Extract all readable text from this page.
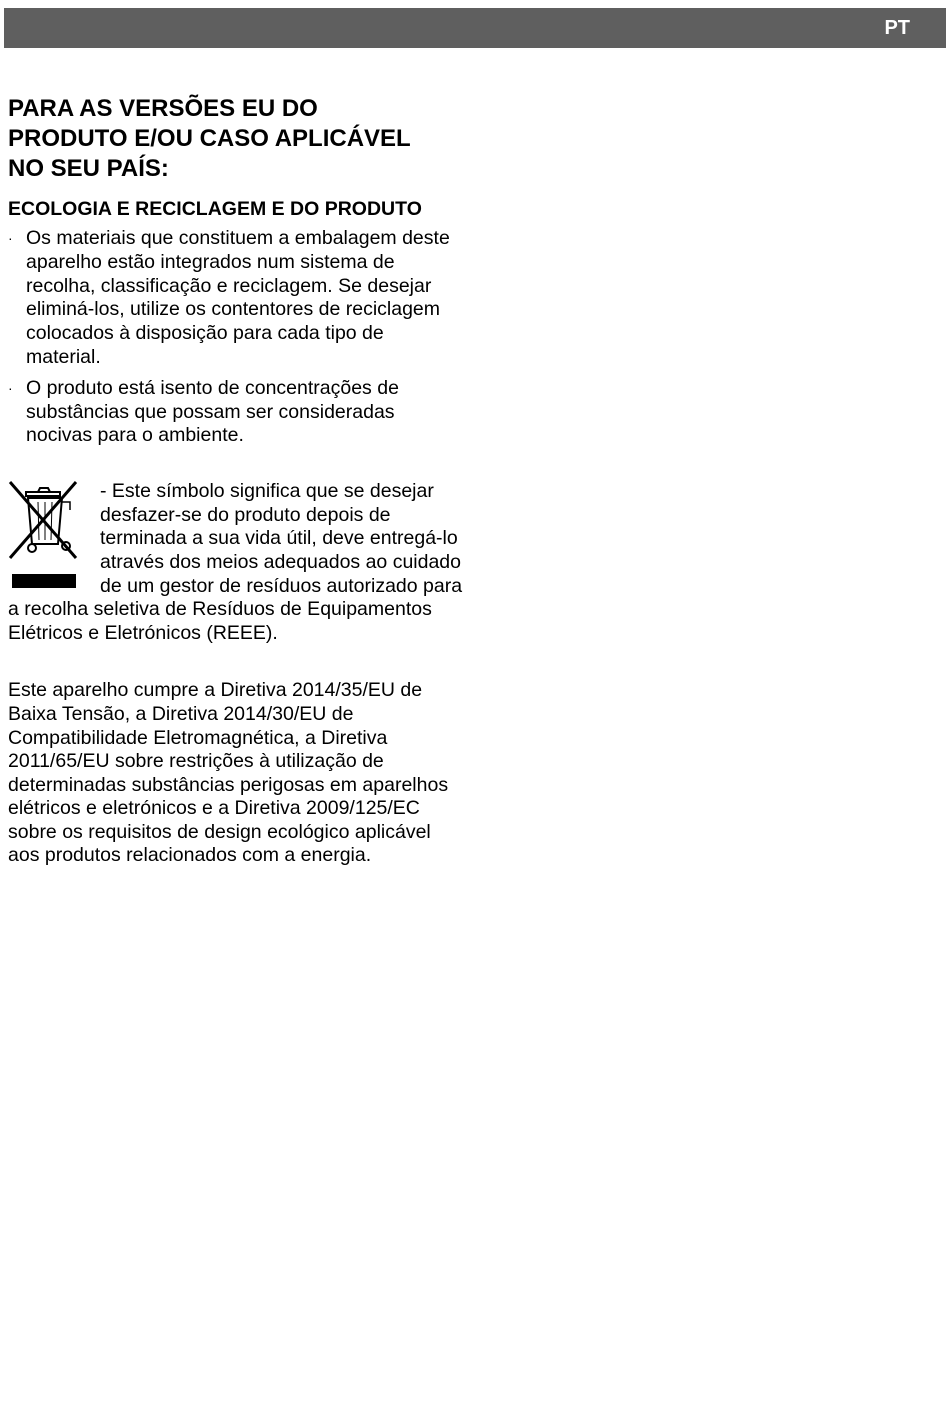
PT
PARA AS VERSÕES EU DO
PRODUTO E/OU CASO APLICÁVEL
NO SEU PAÍS:
ECOLOGIA E RECICLAGEM E DO PRODUTO
· Os materiais que constituem a embalagem deste aparelho estão integrados num sistema de recolha, classificação e reciclagem. Se desejar eliminá-los, utilize os contentores de reciclagem colocados à disposição para cada tipo de material.
· O produto está isento de concentrações de substâncias que possam ser consideradas nocivas para o ambiente.
- Este símbolo significa que se desejar desfazer-se do produto depois de terminada a sua vida útil, deve entregá-lo através dos meios adequados ao cuidado de um gestor de resíduos autorizado para a recolha seletiva de Resíduos de Equipamentos Elétricos e Eletrónicos (REEE).
Este aparelho cumpre a Diretiva 2014/35/EU de Baixa Tensão, a Diretiva 2014/30/EU de Compatibilidade Eletromagnética, a Diretiva 2011/65/EU sobre restrições à utilização de determinadas substâncias perigosas em aparelhos elétricos e eletrónicos e a Diretiva 2009/125/EC sobre os requisitos de design ecológico aplicável aos produtos relacionados com a energia.
